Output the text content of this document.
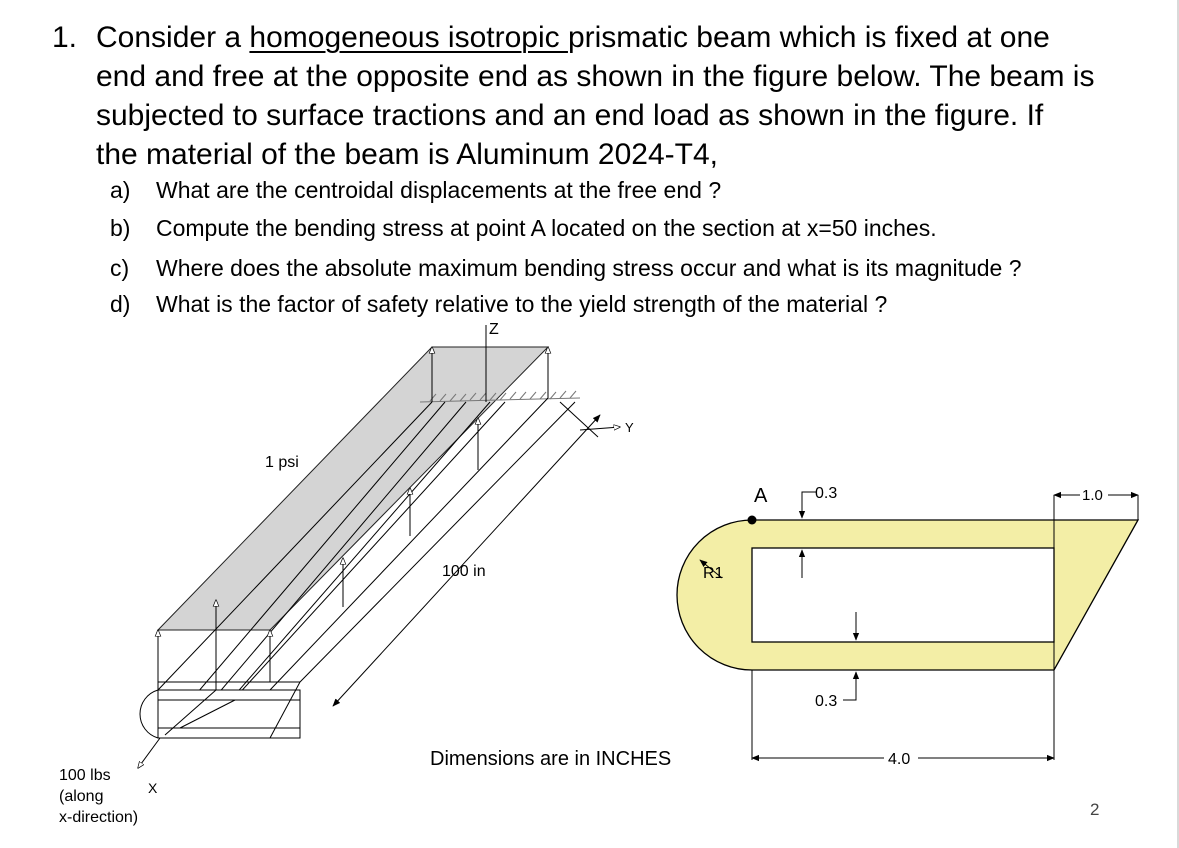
1. Consider a homogeneous isotropic prismatic beam which is fixed at one
end and free at the opposite end as shown in the figure below. The beam is
subjected to surface tractions and an end load as shown in the figure. If
the material of the beam is Aluminum 2024-T4,
a) What are the centroidal displacements at the free end ?
b) Compute the bending stress at point A located on the section at x=50 inches.
c) Where does the absolute maximum bending stress occur and what is its magnitude ?
d) What is the factor of safety relative to the yield strength of the material ?
Z
Y
100 in
1 psi
X
100 lbs
(along
x-direction)
A
R1
0.3
0.3
1.0
4.0
Dimensions are in INCHES
2
